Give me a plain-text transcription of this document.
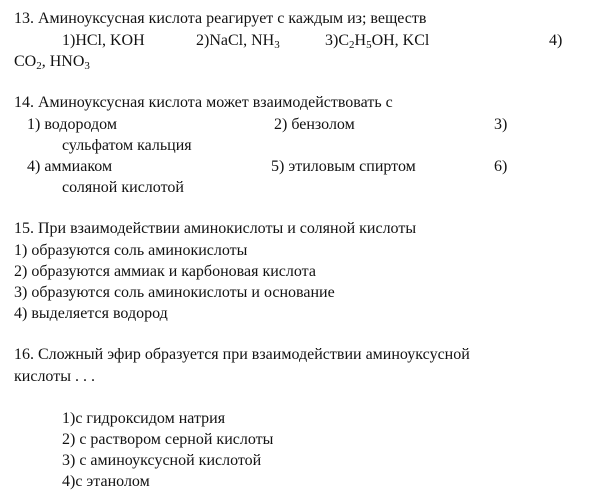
13. Аминоуксусная кислота реагирует с каждым из; веществ
1)HCl, KOH	2)NaCl, $NH_3$	$3)C_2H_5OH$, KCl	4)
$CO_2$, $HNO_3$
14. Аминоуксусная кислота может взаимодействовать с
1) водородом	2) бензолом	3)
сульфатом кальция
4) аммиаком	5) этиловым спиртом	6)
соляной кислотой
15. При взаимодействии аминокислоты и соляной кислоты
1) образуются соль аминокислоты
2) образуются аммиак и карбоновая кислота
3) образуются соль аминокислоты и основание
4) выделяется водород
16. Сложный эфир образуется при взаимодействии аминоуксусной
кислоты . . .
1)с гидроксидом натрия
2) с раствором серной кислоты
3) с аминоуксусной кислотой
4)с этанолом
